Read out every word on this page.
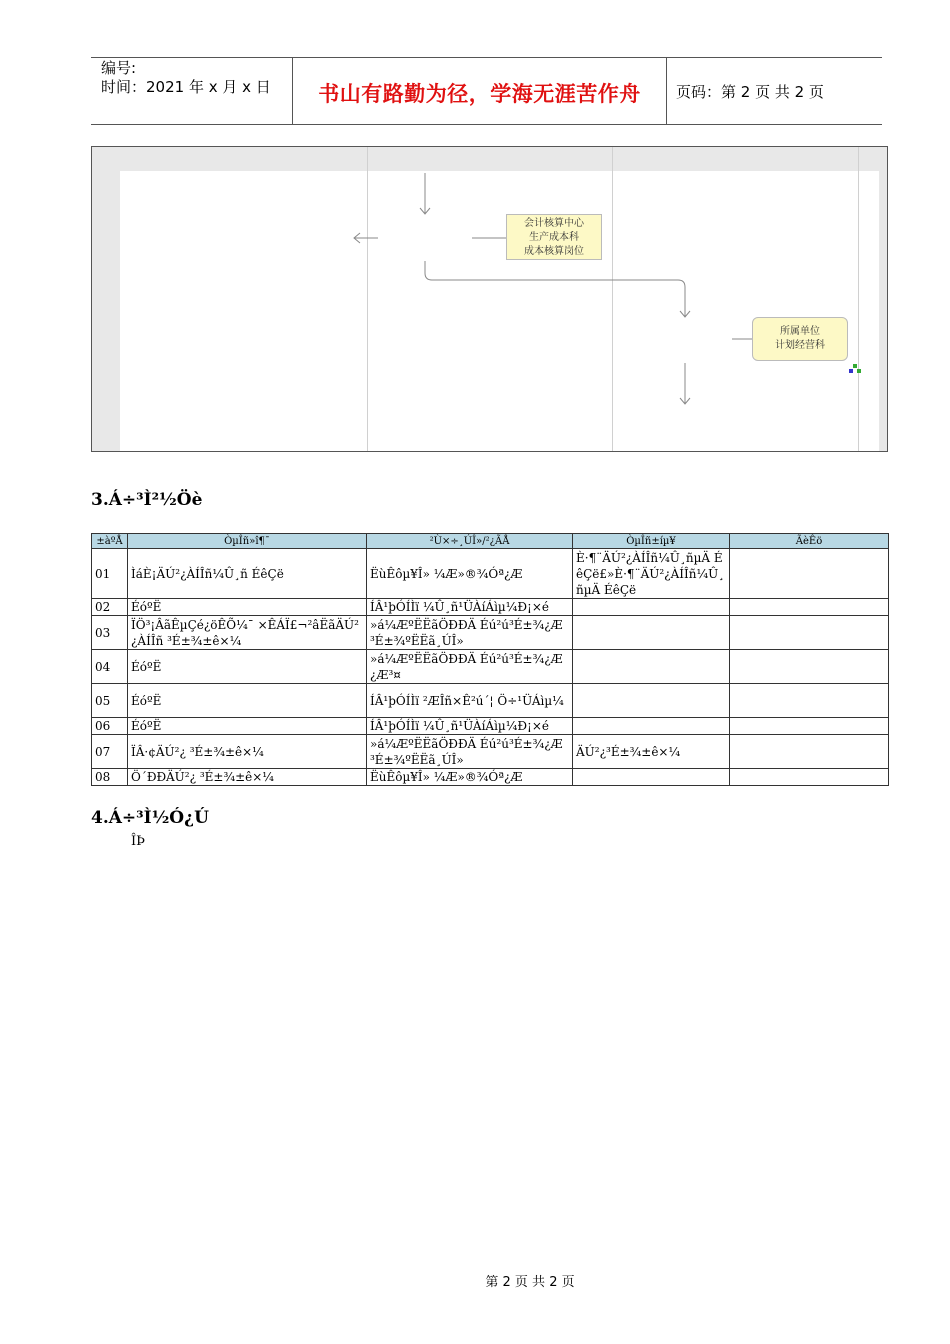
编号:
时间：2021 年 x 月 x 日	书山有路勤为径，学海无涯苦作舟	页码：第 2 页 共 2 页
会计核算中心
生产成本科
成本核算岗位
所属单位
计划经营科
3.Á÷³Ì²½Öè
±àºÅ	ÒµÎñ»î¶¯	²Ù×÷¸ÚÎ»/²¿ÃÅ	ÒµÎñ±íµ¥	ÃèÊö
01	ÌáÈ¡ÄÚ²¿ÀÍÎñ¼Û¸ñ ÉêÇë	ËùÊôµ¥Î» ¼Æ»®¾Óª¿Æ	È·¶¨ÄÚ²¿ÀÍÎñ¼Û¸ñµÄ ÉêÇë£»È·¶¨ÄÚ²¿ÀÍÎñ¼Û¸ñµÄ ÉêÇë	
02	ÉóºË	ÍÂ¹þÓÍÌï ¼Û¸ñ¹ÜÀíÁìµ¼Ð¡×é		
03	ÏÖ³¡ÂãÊµÇé¿öÊÕ¼¯ ×ÊÁÏ£¬²âËãÄÚ²¿ÀÍÎñ ³É±¾±ê×¼	»á¼ÆºËËãÖÐÐÄ Éú²ú³É±¾¿Æ ³É±¾ºËËã¸ÚÎ»		
04	ÉóºË	»á¼ÆºËËãÖÐÐÄ Éú²ú³É±¾¿Æ ¿Æ³¤		
05	ÉóºË	ÍÂ¹þÓÍÌï ²ÆÎñ×Ê²ú´¦ Ö÷¹ÜÁìµ¼		
06	ÉóºË	ÍÂ¹þÓÍÌï ¼Û¸ñ¹ÜÀíÁìµ¼Ð¡×é		
07	ÏÂ·¢ÄÚ²¿ ³É±¾±ê×¼	»á¼ÆºËËãÖÐÐÄ Éú²ú³É±¾¿Æ ³É±¾ºËËã¸ÚÎ»	ÄÚ²¿³É±¾±ê×¼	
08	Ö´ÐÐÄÚ²¿ ³É±¾±ê×¼	ËùÊôµ¥Î» ¼Æ»®¾Óª¿Æ		
4.Á÷³Ì½Ó¿Ú
ÎÞ
第 2 页 共 2 页
